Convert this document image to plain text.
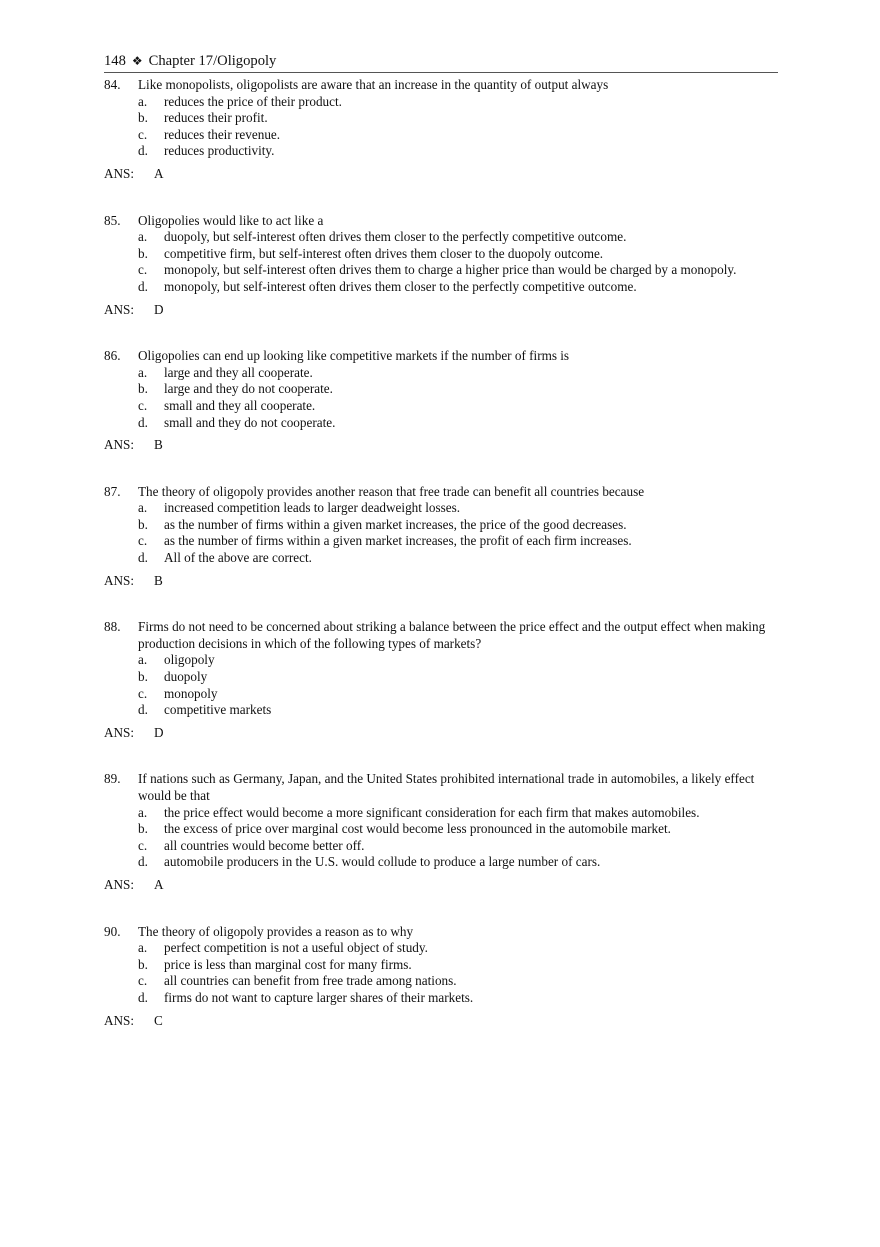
148 ❖ Chapter 17/Oligopoly
84.	Like monopolists, oligopolists are aware that an increase in the quantity of output always
a.	reduces the price of their product.
b.	reduces their profit.
c.	reduces their revenue.
d.	reduces productivity.
ANS:	A
85.	Oligopolies would like to act like a
a.	duopoly, but self-interest often drives them closer to the perfectly competitive outcome.
b.	competitive firm, but self-interest often drives them closer to the duopoly outcome.
c.	monopoly, but self-interest often drives them to charge a higher price than would be charged by a monopoly.
d.	monopoly, but self-interest often drives them closer to the perfectly competitive outcome.
ANS:	D
86.	Oligopolies can end up looking like competitive markets if the number of firms is
a.	large and they all cooperate.
b.	large and they do not cooperate.
c.	small and they all cooperate.
d.	small and they do not cooperate.
ANS:	B
87.	The theory of oligopoly provides another reason that free trade can benefit all countries because
a.	increased competition leads to larger deadweight losses.
b.	as the number of firms within a given market increases, the price of the good decreases.
c.	as the number of firms within a given market increases, the profit of each firm increases.
d.	All of the above are correct.
ANS:	B
88.	Firms do not need to be concerned about striking a balance between the price effect and the output effect when making production decisions in which of the following types of markets?
a.	oligopoly
b.	duopoly
c.	monopoly
d.	competitive markets
ANS:	D
89.	If nations such as Germany, Japan, and the United States prohibited international trade in automobiles, a likely effect would be that
a.	the price effect would become a more significant consideration for each firm that makes automobiles.
b.	the excess of price over marginal cost would become less pronounced in the automobile market.
c.	all countries would become better off.
d.	automobile producers in the U.S. would collude to produce a large number of cars.
ANS:	A
90.	The theory of oligopoly provides a reason as to why
a.	perfect competition is not a useful object of study.
b.	price is less than marginal cost for many firms.
c.	all countries can benefit from free trade among nations.
d.	firms do not want to capture larger shares of their markets.
ANS:	C
